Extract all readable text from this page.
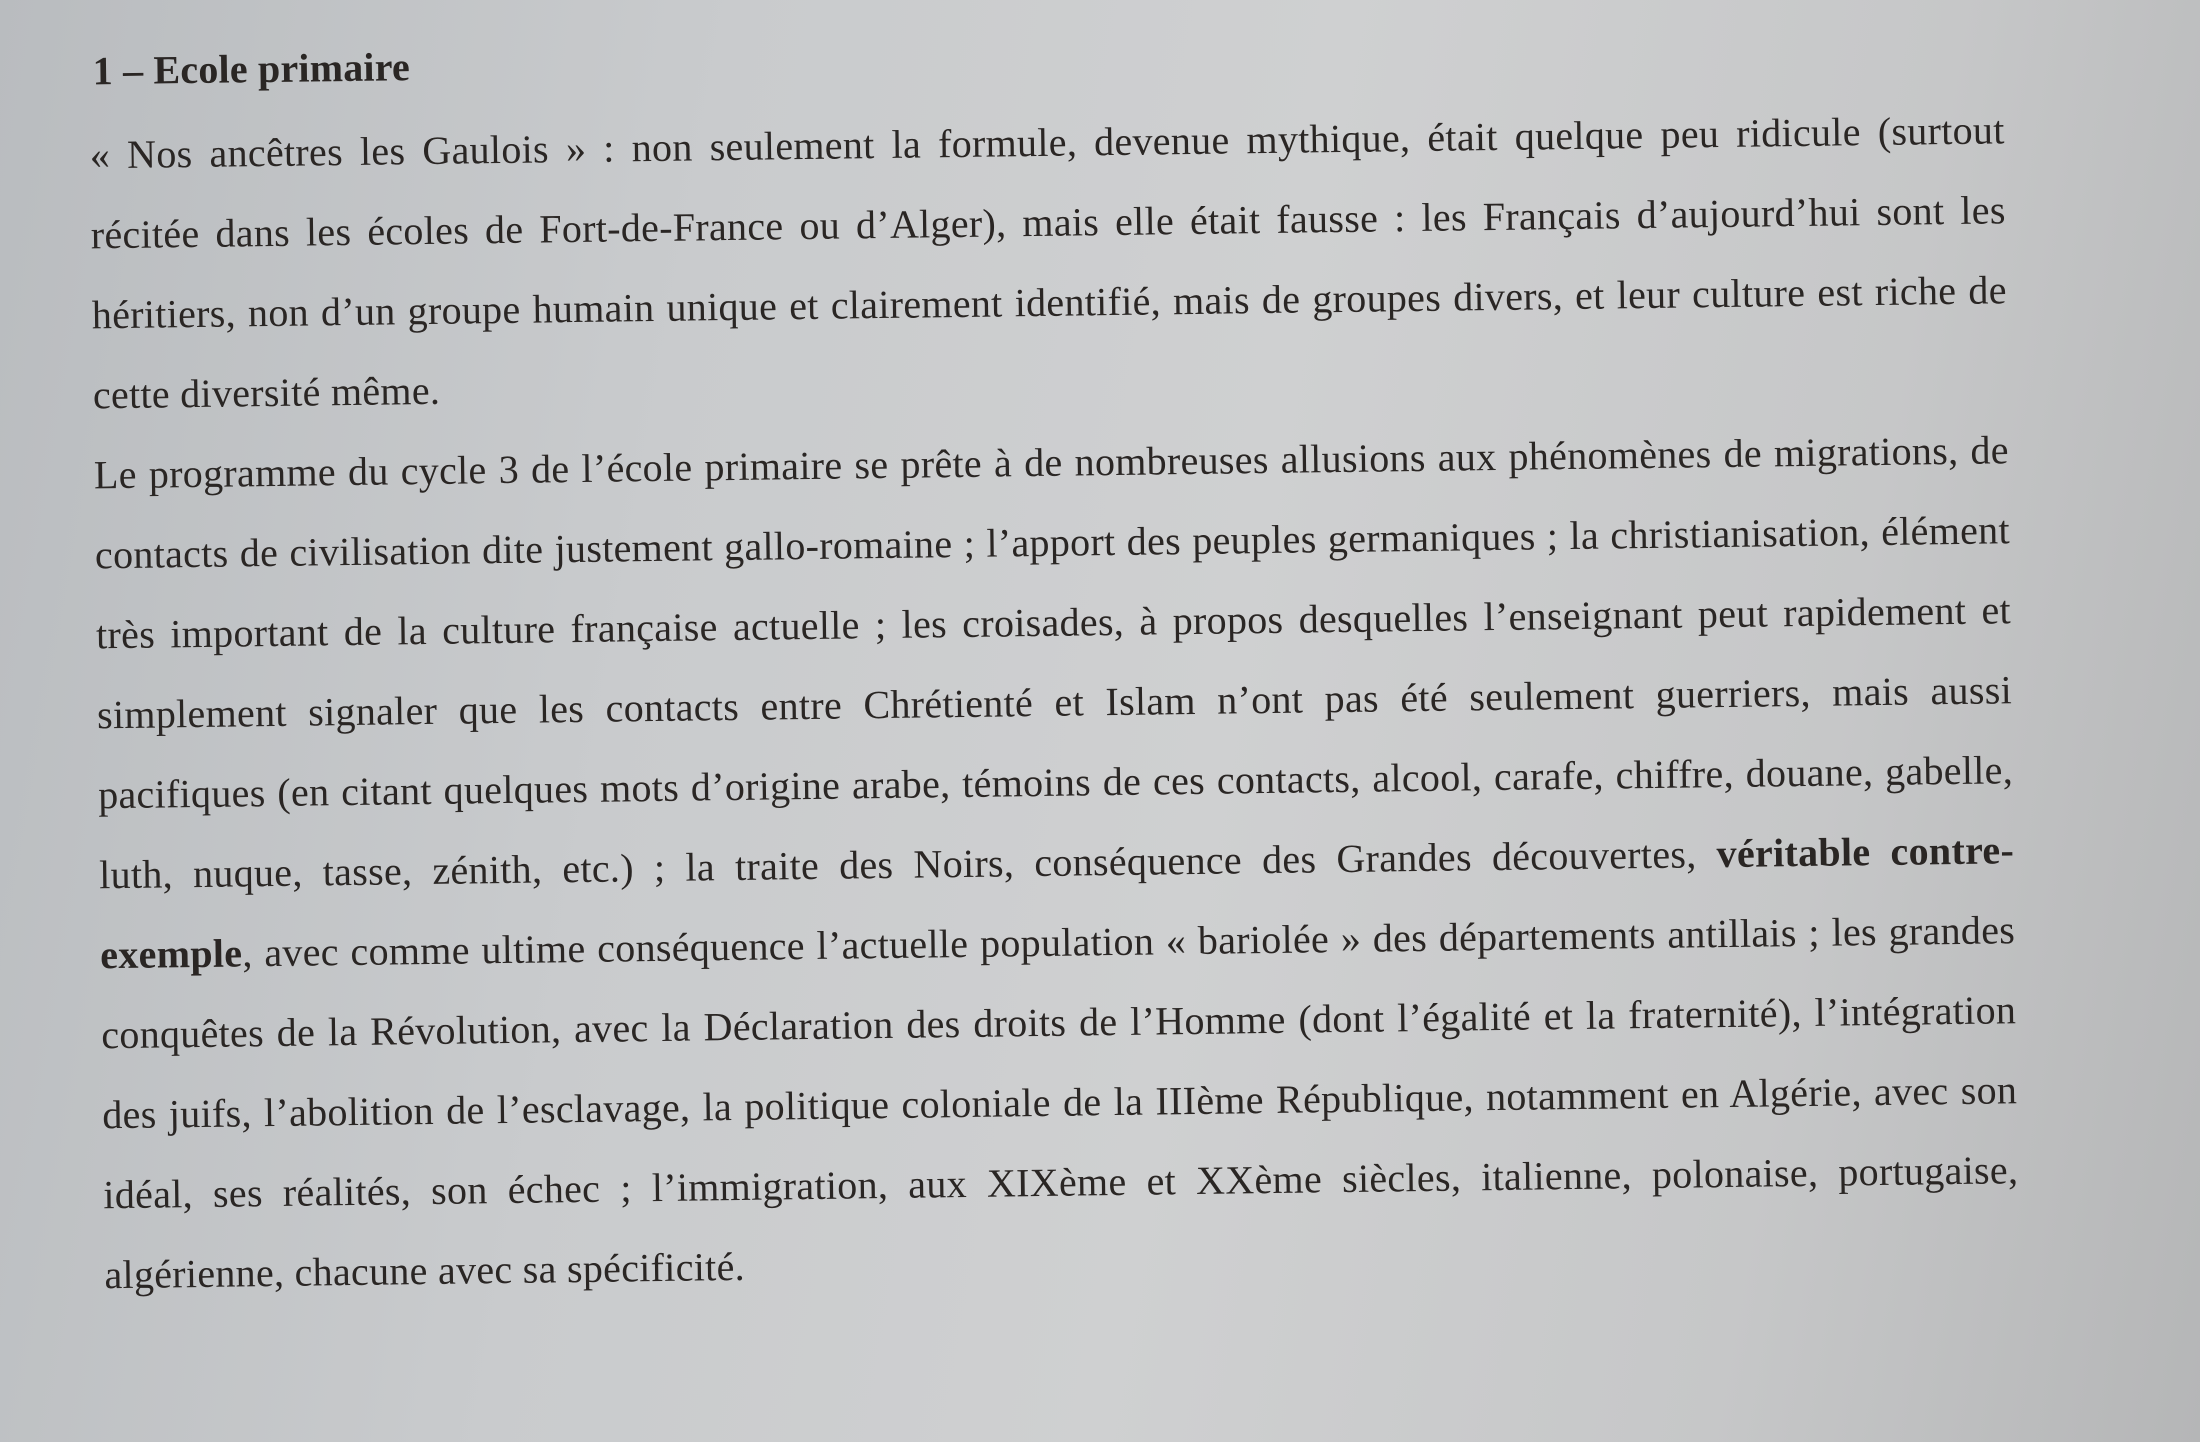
1 – Ecole primaire

« Nos ancêtres les Gaulois » : non seulement la formule, devenue mythique, était quelque peu ridicule (surtout récitée dans les écoles de Fort-de-France ou d’Alger), mais elle était fausse : les Français d’aujourd’hui sont les héritiers, non d’un groupe humain unique et clairement identifié, mais de groupes divers, et leur culture est riche de cette diversité même.

Le programme du cycle 3 de l’école primaire se prête à de nombreuses allusions aux phénomènes de migrations, de contacts de civilisation dite justement gallo-romaine ; l’apport des peuples germaniques ; la christianisation, élément très important de la culture française actuelle ; les croisades, à propos desquelles l’enseignant peut rapidement et simplement signaler que les contacts entre Chrétienté et Islam n’ont pas été seulement guerriers, mais aussi pacifiques (en citant quelques mots d’origine arabe, témoins de ces contacts, alcool, carafe, chiffre, douane, gabelle, luth, nuque, tasse, zénith, etc.) ; la traite des Noirs, conséquence des Grandes découvertes, véritable contre-exemple, avec comme ultime conséquence l’actuelle population « bariolée » des départements antillais ; les grandes conquêtes de la Révolution, avec la Déclaration des droits de l’Homme (dont l’égalité et la fraternité), l’intégration des juifs, l’abolition de l’esclavage, la politique coloniale de la IIIème République, notamment en Algérie, avec son idéal, ses réalités, son échec ; l’immigration, aux XIXème et XXème siècles, italienne, polonaise, portugaise, algérienne, chacune avec sa spécificité.
